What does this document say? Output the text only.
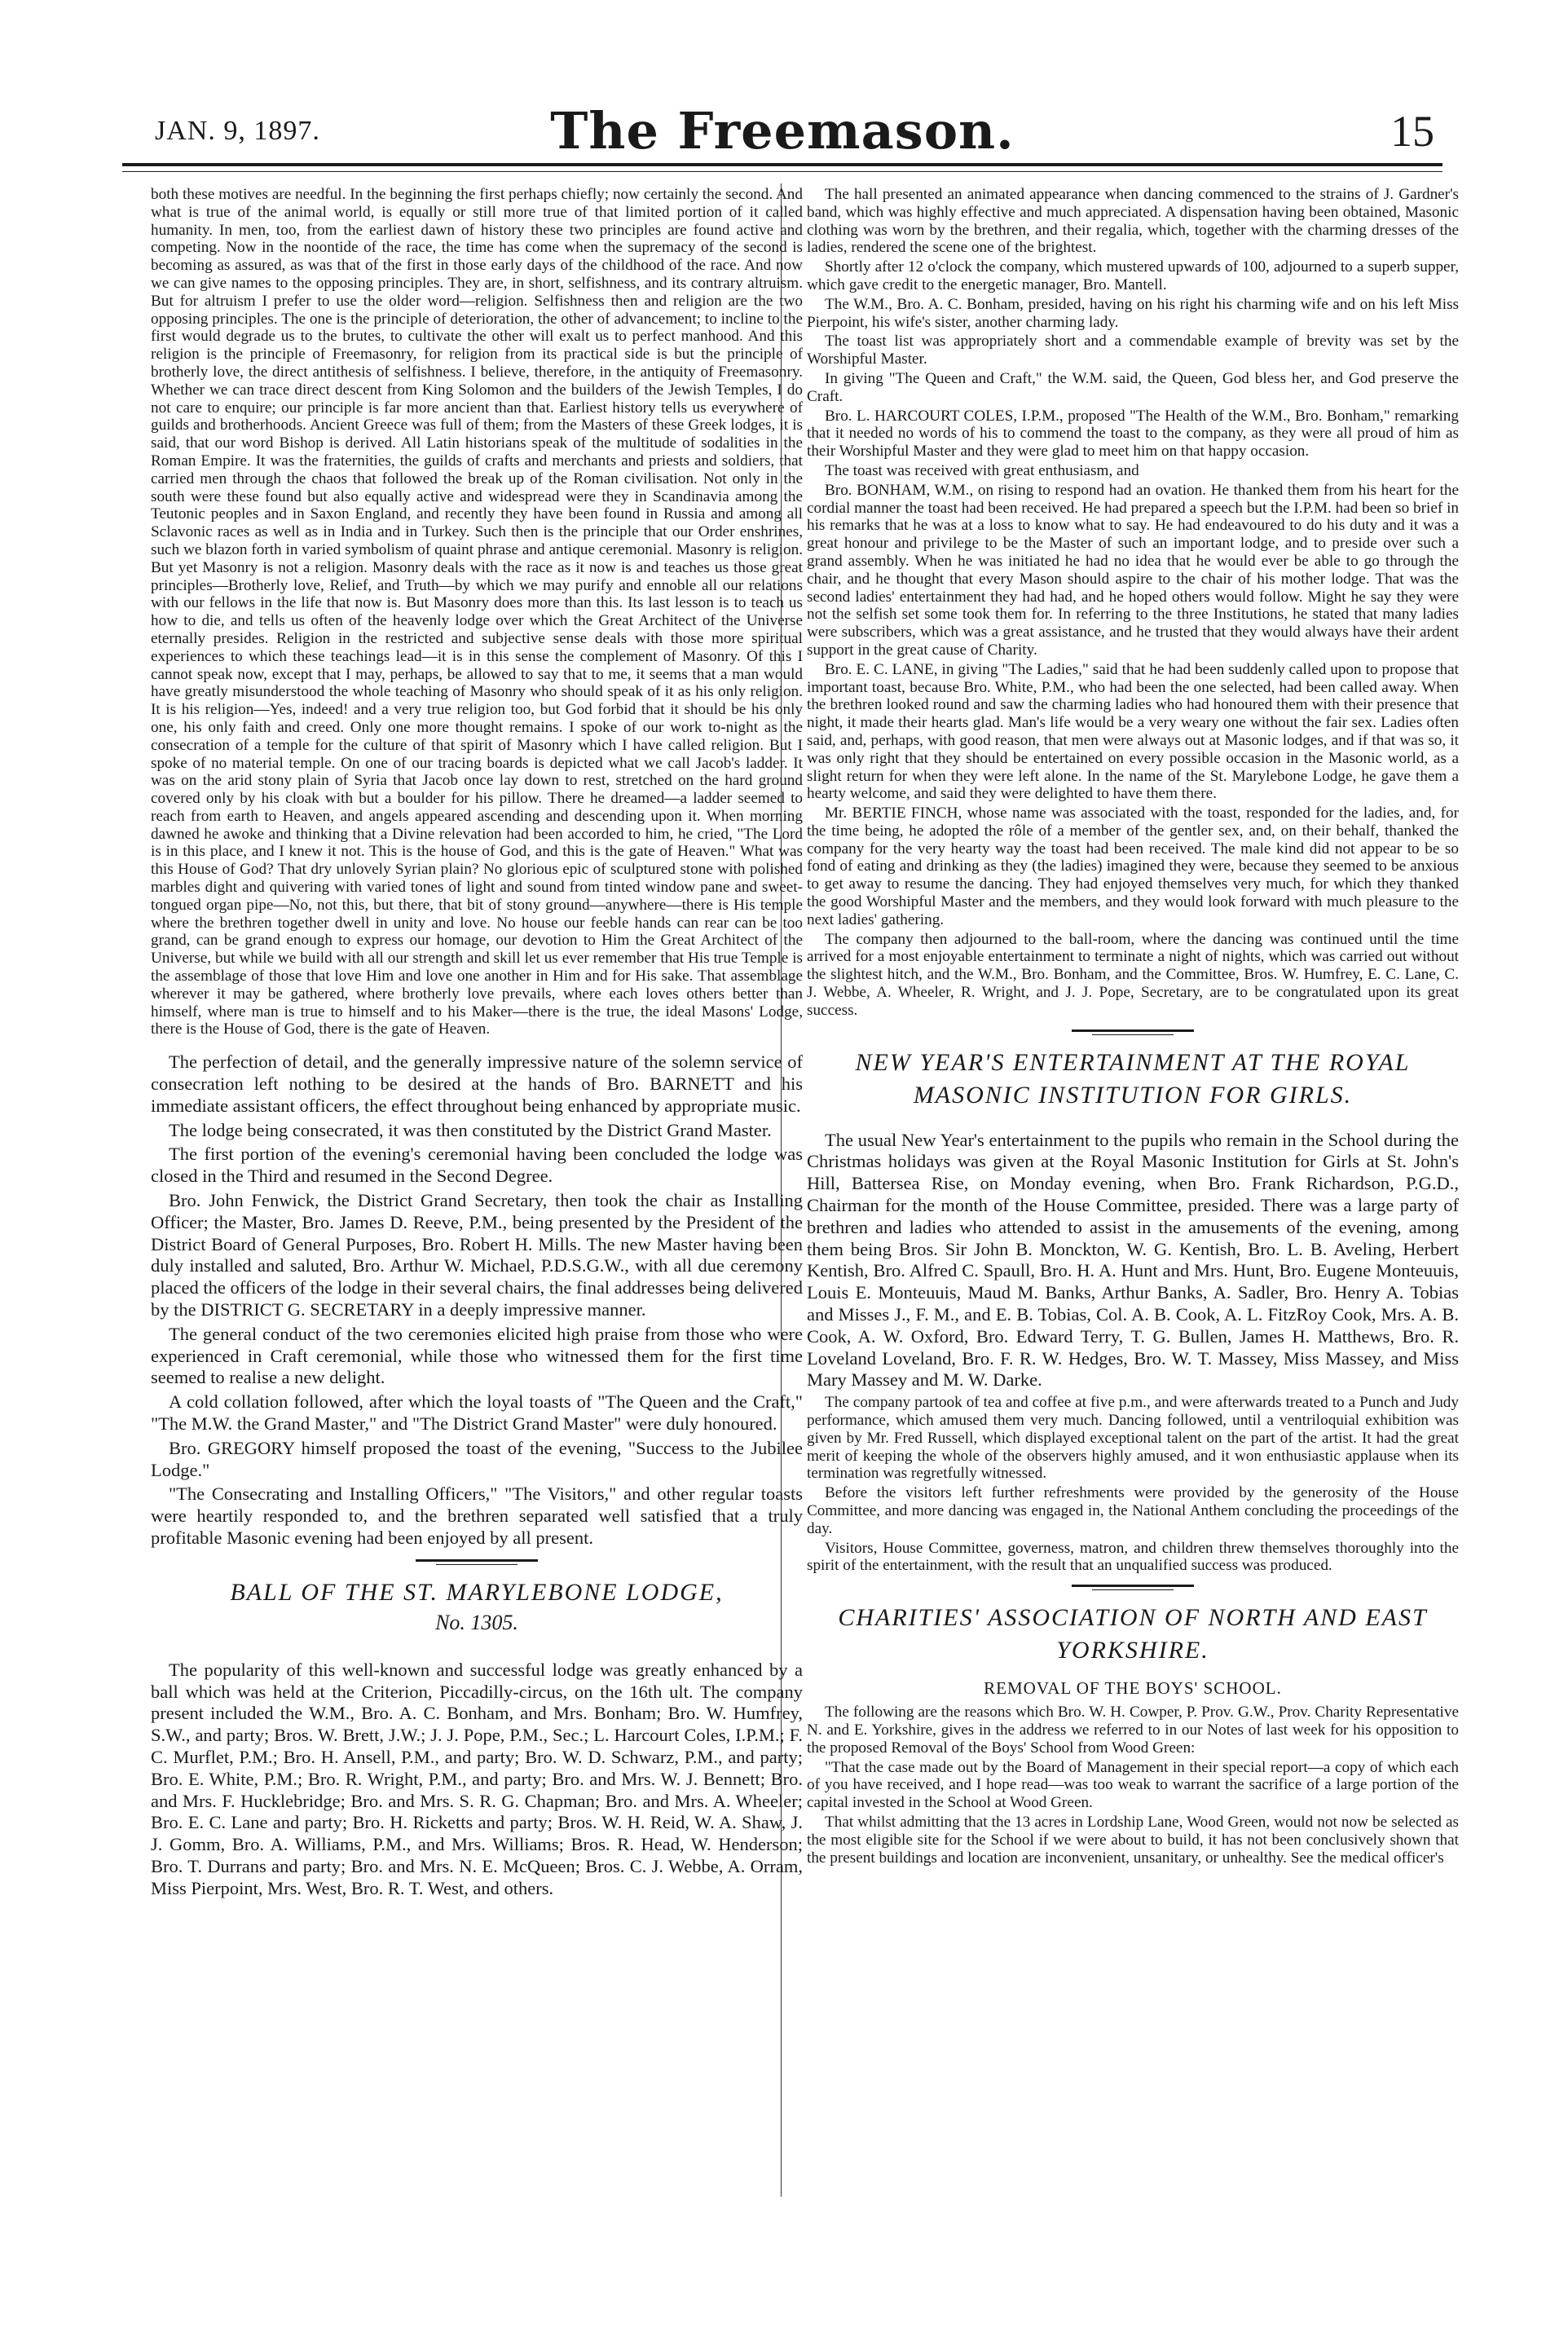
JAN. 9, 1897.	The Freemason.	15

both these motives are needful. In the beginning the first perhaps chiefly; now certainly the second. And what is true of the animal world, is equally or still more true of that limited portion of it called humanity. In men, too, from the earliest dawn of history these two principles are found active and competing. Now in the noontide of the race, the time has come when the supremacy of the second is becoming as assured, as was that of the first in those early days of the childhood of the race. And now we can give names to the opposing principles. They are, in short, selfishness, and its contrary altruism. But for altruism I prefer to use the older word—religion. Selfishness then and religion are the two opposing principles. The one is the principle of deterioration, the other of advancement; to incline to the first would degrade us to the brutes, to cultivate the other will exalt us to perfect manhood. And this religion is the principle of Freemasonry, for religion from its practical side is but the principle of brotherly love, the direct antithesis of selfishness. I believe, therefore, in the antiquity of Freemasonry. Whether we can trace direct descent from King Solomon and the builders of the Jewish Temples, I do not care to enquire; our principle is far more ancient than that. Earliest history tells us everywhere of guilds and brotherhoods. Ancient Greece was full of them; from the Masters of these Greek lodges, it is said, that our word Bishop is derived. All Latin historians speak of the multitude of sodalities in the Roman Empire. It was the fraternities, the guilds of crafts and merchants and priests and soldiers, that carried men through the chaos that followed the break up of the Roman civilisation. Not only in the south were these found but also equally active and widespread were they in Scandinavia among the Teutonic peoples and in Saxon England, and recently they have been found in Russia and among all Sclavonic races as well as in India and in Turkey. Such then is the principle that our Order enshrines, such we blazon forth in varied symbolism of quaint phrase and antique ceremonial. Masonry is religion. But yet Masonry is not a religion. Masonry deals with the race as it now is and teaches us those great principles—Brotherly love, Relief, and Truth—by which we may purify and ennoble all our relations with our fellows in the life that now is. But Masonry does more than this. Its last lesson is to teach us how to die, and tells us often of the heavenly lodge over which the Great Architect of the Universe eternally presides. Religion in the restricted and subjective sense deals with those more spiritual experiences to which these teachings lead—it is in this sense the complement of Masonry. Of this I cannot speak now, except that I may, perhaps, be allowed to say that to me, it seems that a man would have greatly misunderstood the whole teaching of Masonry who should speak of it as his only religion. It is his religion—Yes, indeed! and a very true religion too, but God forbid that it should be his only one, his only faith and creed. Only one more thought remains. I spoke of our work to-night as the consecration of a temple for the culture of that spirit of Masonry which I have called religion. But I spoke of no material temple. On one of our tracing boards is depicted what we call Jacob's ladder. It was on the arid stony plain of Syria that Jacob once lay down to rest, stretched on the hard ground covered only by his cloak with but a boulder for his pillow. There he dreamed—a ladder seemed to reach from earth to Heaven, and angels appeared ascending and descending upon it. When morning dawned he awoke and thinking that a Divine relevation had been accorded to him, he cried, "The Lord is in this place, and I knew it not. This is the house of God, and this is the gate of Heaven." What was this House of God? That dry unlovely Syrian plain? No glorious epic of sculptured stone with polished marbles dight and quivering with varied tones of light and sound from tinted window pane and sweet-tongued organ pipe—No, not this, but there, that bit of stony ground—anywhere—there is His temple where the brethren together dwell in unity and love. No house our feeble hands can rear can be too grand, can be grand enough to express our homage, our devotion to Him the Great Architect of the Universe, but while we build with all our strength and skill let us ever remember that His true Temple is the assemblage of those that love Him and love one another in Him and for His sake. That assemblage wherever it may be gathered, where brotherly love prevails, where each loves others better than himself, where man is true to himself and to his Maker—there is the true, the ideal Masons' Lodge, there is the House of God, there is the gate of Heaven.

The perfection of detail, and the generally impressive nature of the solemn service of consecration left nothing to be desired at the hands of Bro. BARNETT and his immediate assistant officers, the effect throughout being enhanced by appropriate music.

The lodge being consecrated, it was then constituted by the District Grand Master.

The first portion of the evening's ceremonial having been concluded the lodge was closed in the Third and resumed in the Second Degree.

Bro. John Fenwick, the District Grand Secretary, then took the chair as Installing Officer; the Master, Bro. James D. Reeve, P.M., being presented by the President of the District Board of General Purposes, Bro. Robert H. Mills. The new Master having been duly installed and saluted, Bro. Arthur W. Michael, P.D.S.G.W., with all due ceremony placed the officers of the lodge in their several chairs, the final addresses being delivered by the DISTRICT G. SECRETARY in a deeply impressive manner.

The general conduct of the two ceremonies elicited high praise from those who were experienced in Craft ceremonial, while those who witnessed them for the first time seemed to realise a new delight.

A cold collation followed, after which the loyal toasts of "The Queen and the Craft," "The M.W. the Grand Master," and "The District Grand Master" were duly honoured.

Bro. GREGORY himself proposed the toast of the evening, "Success to the Jubilee Lodge."

"The Consecrating and Installing Officers," "The Visitors," and other regular toasts were heartily responded to, and the brethren separated well satisfied that a truly profitable Masonic evening had been enjoyed by all present.

BALL OF THE ST. MARYLEBONE LODGE,
No. 1305.

The popularity of this well-known and successful lodge was greatly enhanced by a ball which was held at the Criterion, Piccadilly-circus, on the 16th ult. The company present included the W.M., Bro. A. C. Bonham, and Mrs. Bonham; Bro. W. Humfrey, S.W., and party; Bros. W. Brett, J.W.; J. J. Pope, P.M., Sec.; L. Harcourt Coles, I.P.M.; F. C. Murflet, P.M.; Bro. H. Ansell, P.M., and party; Bro. W. D. Schwarz, P.M., and party; Bro. E. White, P.M.; Bro. R. Wright, P.M., and party; Bro. and Mrs. W. J. Bennett; Bro. and Mrs. F. Hucklebridge; Bro. and Mrs. S. R. G. Chapman; Bro. and Mrs. A. Wheeler; Bro. E. C. Lane and party; Bro. H. Ricketts and party; Bros. W. H. Reid, W. A. Shaw, J. J. Gomm, Bro. A. Williams, P.M., and Mrs. Williams; Bros. R. Head, W. Henderson; Bro. T. Durrans and party; Bro. and Mrs. N. E. McQueen; Bros. C. J. Webbe, A. Orram, Miss Pierpoint, Mrs. West, Bro. R. T. West, and others.

The hall presented an animated appearance when dancing commenced to the strains of J. Gardner's band, which was highly effective and much appreciated. A dispensation having been obtained, Masonic clothing was worn by the brethren, and their regalia, which, together with the charming dresses of the ladies, rendered the scene one of the brightest.

Shortly after 12 o'clock the company, which mustered upwards of 100, adjourned to a superb supper, which gave credit to the energetic manager, Bro. Mantell.

The W.M., Bro. A. C. Bonham, presided, having on his right his charming wife and on his left Miss Pierpoint, his wife's sister, another charming lady.

The toast list was appropriately short and a commendable example of brevity was set by the Worshipful Master.

In giving "The Queen and Craft," the W.M. said, the Queen, God bless her, and God preserve the Craft.

Bro. L. HARCOURT COLES, I.P.M., proposed "The Health of the W.M., Bro. Bonham," remarking that it needed no words of his to commend the toast to the company, as they were all proud of him as their Worshipful Master and they were glad to meet him on that happy occasion.

The toast was received with great enthusiasm, and

Bro. BONHAM, W.M., on rising to respond had an ovation. He thanked them from his heart for the cordial manner the toast had been received. He had prepared a speech but the I.P.M. had been so brief in his remarks that he was at a loss to know what to say. He had endeavoured to do his duty and it was a great honour and privilege to be the Master of such an important lodge, and to preside over such a grand assembly. When he was initiated he had no idea that he would ever be able to go through the chair, and he thought that every Mason should aspire to the chair of his mother lodge. That was the second ladies' entertainment they had had, and he hoped others would follow. Might he say they were not the selfish set some took them for. In referring to the three Institutions, he stated that many ladies were subscribers, which was a great assistance, and he trusted that they would always have their ardent support in the great cause of Charity.

Bro. E. C. LANE, in giving "The Ladies," said that he had been suddenly called upon to propose that important toast, because Bro. White, P.M., who had been the one selected, had been called away. When the brethren looked round and saw the charming ladies who had honoured them with their presence that night, it made their hearts glad. Man's life would be a very weary one without the fair sex. Ladies often said, and, perhaps, with good reason, that men were always out at Masonic lodges, and if that was so, it was only right that they should be entertained on every possible occasion in the Masonic world, as a slight return for when they were left alone. In the name of the St. Marylebone Lodge, he gave them a hearty welcome, and said they were delighted to have them there.

Mr. BERTIE FINCH, whose name was associated with the toast, responded for the ladies, and, for the time being, he adopted the rôle of a member of the gentler sex, and, on their behalf, thanked the company for the very hearty way the toast had been received. The male kind did not appear to be so fond of eating and drinking as they (the ladies) imagined they were, because they seemed to be anxious to get away to resume the dancing. They had enjoyed themselves very much, for which they thanked the good Worshipful Master and the members, and they would look forward with much pleasure to the next ladies' gathering.

The company then adjourned to the ball-room, where the dancing was continued until the time arrived for a most enjoyable entertainment to terminate a night of nights, which was carried out without the slightest hitch, and the W.M., Bro. Bonham, and the Committee, Bros. W. Humfrey, E. C. Lane, C. J. Webbe, A. Wheeler, R. Wright, and J. J. Pope, Secretary, are to be congratulated upon its great success.

NEW YEAR'S ENTERTAINMENT AT THE ROYAL MASONIC INSTITUTION FOR GIRLS.

The usual New Year's entertainment to the pupils who remain in the School during the Christmas holidays was given at the Royal Masonic Institution for Girls at St. John's Hill, Battersea Rise, on Monday evening, when Bro. Frank Richardson, P.G.D., Chairman for the month of the House Committee, presided. There was a large party of brethren and ladies who attended to assist in the amusements of the evening, among them being Bros. Sir John B. Monckton, W. G. Kentish, Bro. L. B. Aveling, Herbert Kentish, Bro. Alfred C. Spaull, Bro. H. A. Hunt and Mrs. Hunt, Bro. Eugene Monteuuis, Louis E. Monteuuis, Maud M. Banks, Arthur Banks, A. Sadler, Bro. Henry A. Tobias and Misses J., F. M., and E. B. Tobias, Col. A. B. Cook, A. L. FitzRoy Cook, Mrs. A. B. Cook, A. W. Oxford, Bro. Edward Terry, T. G. Bullen, James H. Matthews, Bro. R. Loveland Loveland, Bro. F. R. W. Hedges, Bro. W. T. Massey, Miss Massey, and Miss Mary Massey and M. W. Darke.

The company partook of tea and coffee at five p.m., and were afterwards treated to a Punch and Judy performance, which amused them very much. Dancing followed, until a ventriloquial exhibition was given by Mr. Fred Russell, which displayed exceptional talent on the part of the artist. It had the great merit of keeping the whole of the observers highly amused, and it won enthusiastic applause when its termination was regretfully witnessed.

Before the visitors left further refreshments were provided by the generosity of the House Committee, and more dancing was engaged in, the National Anthem concluding the proceedings of the day.

Visitors, House Committee, governess, matron, and children threw themselves thoroughly into the spirit of the entertainment, with the result that an unqualified success was produced.

CHARITIES' ASSOCIATION OF NORTH AND EAST YORKSHIRE.
REMOVAL OF THE BOYS' SCHOOL.

The following are the reasons which Bro. W. H. Cowper, P. Prov. G.W., Prov. Charity Representative N. and E. Yorkshire, gives in the address we referred to in our Notes of last week for his opposition to the proposed Removal of the Boys' School from Wood Green:

"That the case made out by the Board of Management in their special report—a copy of which each of you have received, and I hope read—was too weak to warrant the sacrifice of a large portion of the capital invested in the School at Wood Green.

That whilst admitting that the 13 acres in Lordship Lane, Wood Green, would not now be selected as the most eligible site for the School if we were about to build, it has not been conclusively shown that the present buildings and location are inconvenient, unsanitary, or unhealthy. See the medical officer's
